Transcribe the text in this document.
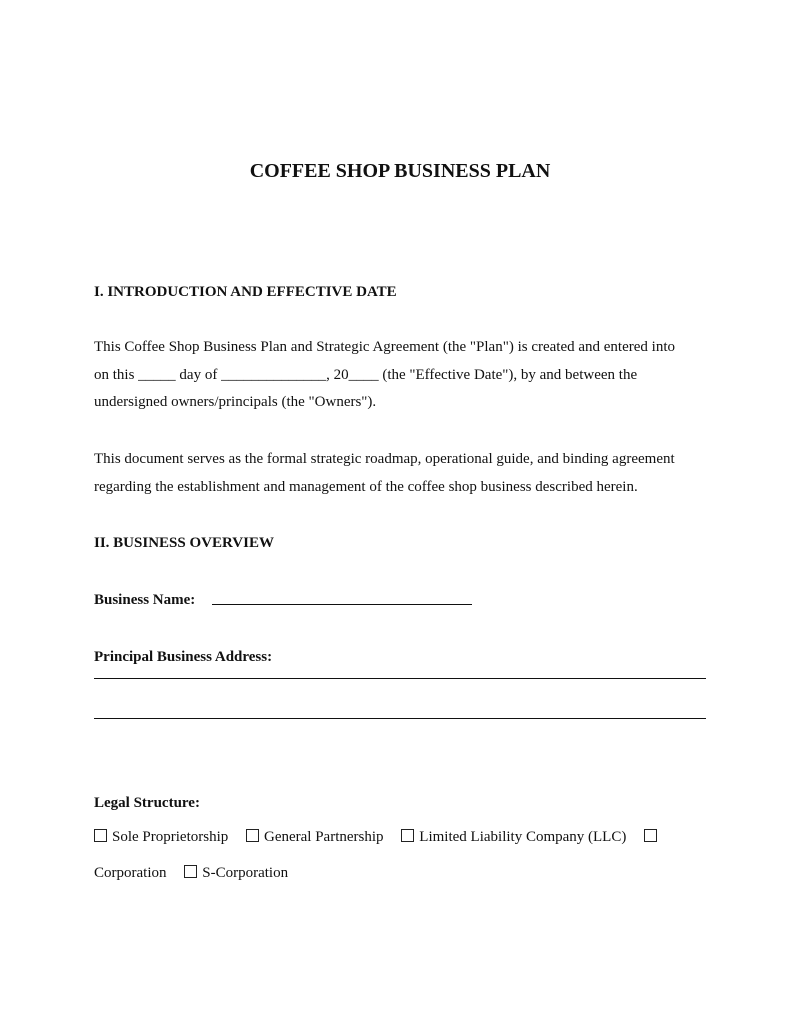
COFFEE SHOP BUSINESS PLAN
I. INTRODUCTION AND EFFECTIVE DATE
This Coffee Shop Business Plan and Strategic Agreement (the "Plan") is created and entered into
on this _____ day of ______________, 20____ (the "Effective Date"), by and between the
undersigned owners/principals (the "Owners").
This document serves as the formal strategic roadmap, operational guide, and binding agreement
regarding the establishment and management of the coffee shop business described herein.
II. BUSINESS OVERVIEW
Business Name:
Principal Business Address:
Legal Structure:
Sole Proprietorship General Partnership Limited Liability Company (LLC)
Corporation S-Corporation
